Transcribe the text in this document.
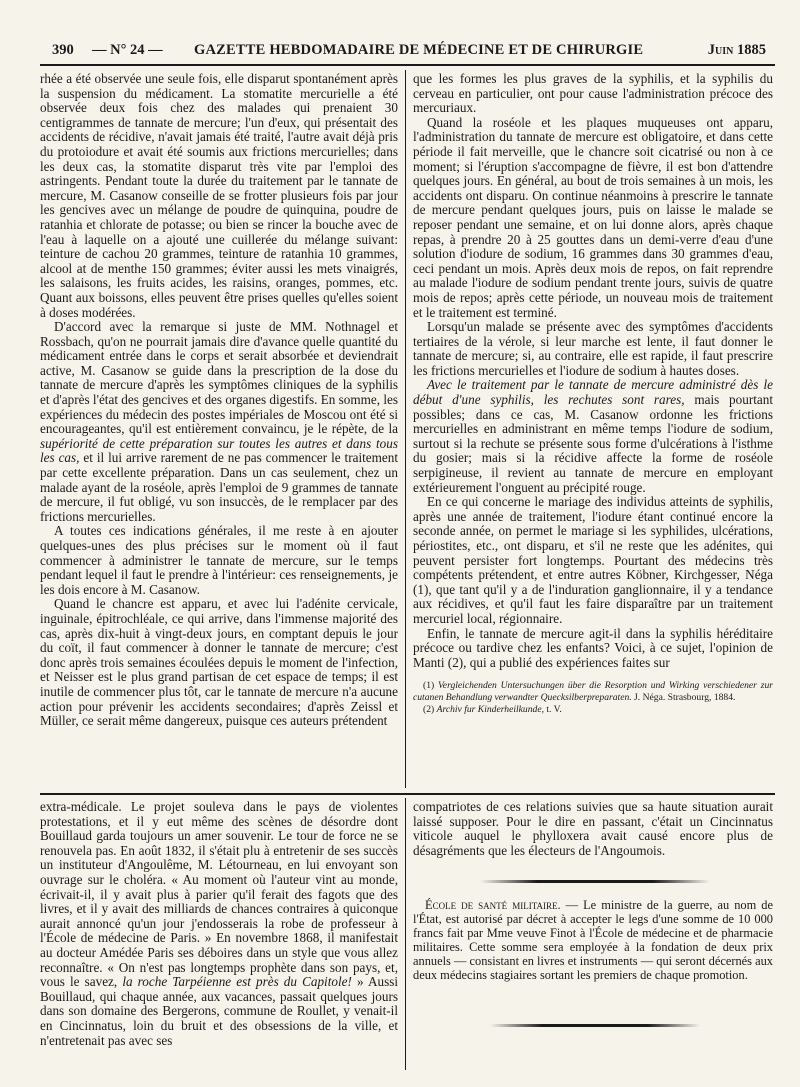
390 — N° 24 — GAZETTE HEBDOMADAIRE DE MÉDECINE ET DE CHIRURGIE	Juin 1885

rhée a été observée une seule fois, elle disparut spontanément après la suspension du médicament. La stomatite mercurielle a été observée deux fois chez des malades qui prenaient 30 centigrammes de tannate de mercure; l'un d'eux, qui présentait des accidents de récidive, n'avait jamais été traité, l'autre avait déjà pris du protoiodure et avait été soumis aux frictions mercurielles; dans les deux cas, la stomatite disparut très vite par l'emploi des astringents. Pendant toute la durée du traitement par le tannate de mercure, M. Casanow conseille de se frotter plusieurs fois par jour les gencives avec un mélange de poudre de quinquina, poudre de ratanhia et chlorate de potasse; ou bien se rincer la bouche avec de l'eau à laquelle on a ajouté une cuillerée du mélange suivant: teinture de cachou 20 grammes, teinture de ratanhia 10 grammes, alcool at de menthe 150 grammes; éviter aussi les mets vinaigrés, les salaisons, les fruits acides, les raisins, oranges, pommes, etc. Quant aux boissons, elles peuvent être prises quelles qu'elles soient à doses modérées.

D'accord avec la remarque si juste de MM. Nothnagel et Rossbach, qu'on ne pourrait jamais dire d'avance quelle quantité du médicament entrée dans le corps et serait absorbée et deviendrait active, M. Casanow se guide dans la prescription de la dose du tannate de mercure d'après les symptômes cliniques de la syphilis et d'après l'état des gencives et des organes digestifs. En somme, les expériences du médecin des postes impériales de Moscou ont été si encourageantes, qu'il est entièrement convaincu, je le répète, de la supériorité de cette préparation sur toutes les autres et dans tous les cas, et il lui arrive rarement de ne pas commencer le traitement par cette excellente préparation. Dans un cas seulement, chez un malade ayant de la roséole, après l'emploi de 9 grammes de tannate de mercure, il fut obligé, vu son insuccès, de le remplacer par des frictions mercurielles.

A toutes ces indications générales, il me reste à en ajouter quelques-unes des plus précises sur le moment où il faut commencer à administrer le tannate de mercure, sur le temps pendant lequel il faut le prendre à l'intérieur: ces renseignements, je les dois encore à M. Casanow.

Quand le chancre est apparu, et avec lui l'adénite cervicale, inguinale, épitrochléale, ce qui arrive, dans l'immense majorité des cas, après dix-huit à vingt-deux jours, en comptant depuis le jour du coït, il faut commencer à donner le tannate de mercure; c'est donc après trois semaines écoulées depuis le moment de l'infection, et Neisser est le plus grand partisan de cet espace de temps; il est inutile de commencer plus tôt, car le tannate de mercure n'a aucune action pour prévenir les accidents secondaires; d'après Zeissl et Müller, ce serait même dangereux, puisque ces auteurs prétendent

que les formes les plus graves de la syphilis, et la syphilis du cerveau en particulier, ont pour cause l'administration précoce des mercuriaux.

Quand la roséole et les plaques muqueuses ont apparu, l'administration du tannate de mercure est obligatoire, et dans cette période il fait merveille, que le chancre soit cicatrisé ou non à ce moment; si l'éruption s'accompagne de fièvre, il est bon d'attendre quelques jours. En général, au bout de trois semaines à un mois, les accidents ont disparu. On continue néanmoins à prescrire le tannate de mercure pendant quelques jours, puis on laisse le malade se reposer pendant une semaine, et on lui donne alors, après chaque repas, à prendre 20 à 25 gouttes dans un demi-verre d'eau d'une solution d'iodure de sodium, 16 grammes dans 30 grammes d'eau, ceci pendant un mois. Après deux mois de repos, on fait reprendre au malade l'iodure de sodium pendant trente jours, suivis de quatre mois de repos; après cette période, un nouveau mois de traitement et le traitement est terminé.

Lorsqu'un malade se présente avec des symptômes d'accidents tertiaires de la vérole, si leur marche est lente, il faut donner le tannate de mercure; si, au contraire, elle est rapide, il faut prescrire les frictions mercurielles et l'iodure de sodium à hautes doses.

Avec le traitement par le tannate de mercure administré dès le début d'une syphilis, les rechutes sont rares, mais pourtant possibles; dans ce cas, M. Casanow ordonne les frictions mercurielles en administrant en même temps l'iodure de sodium, surtout si la rechute se présente sous forme d'ulcérations à l'isthme du gosier; mais si la récidive affecte la forme de roséole serpigineuse, il revient au tannate de mercure en employant extérieurement l'onguent au précipité rouge.

En ce qui concerne le mariage des individus atteints de syphilis, après une année de traitement, l'iodure étant continué encore la seconde année, on permet le mariage si les syphilides, ulcérations, périostites, etc., ont disparu, et s'il ne reste que les adénites, qui peuvent persister fort longtemps. Pourtant des médecins très compétents prétendent, et entre autres Köbner, Kirchgesser, Néga (1), que tant qu'il y a de l'induration ganglionnaire, il y a tendance aux récidives, et qu'il faut les faire disparaître par un traitement mercuriel local, régionnaire.

Enfin, le tannate de mercure agit-il dans la syphilis héréditaire précoce ou tardive chez les enfants? Voici, à ce sujet, l'opinion de Manti (2), qui a publié des expériences faites sur

(1) Vergleichenden Untersuchungen über die Resorption und Wirking verschiedener zur cutanen Behandlung verwandter Quecksilberpreparaten. J. Néga. Strasbourg, 1884.

(2) Archiv fur Kinderheilkunde, t. V.

extra-médicale. Le projet souleva dans le pays de violentes protestations, et il y eut même des scènes de désordre dont Bouillaud garda toujours un amer souvenir. Le tour de force ne se renouvela pas. En août 1832, il s'était plu à entretenir de ses succès un instituteur d'Angoulême, M. Létourneau, en lui envoyant son ouvrage sur le choléra. « Au moment où l'auteur vint au monde, écrivait-il, il y avait plus à parier qu'il ferait des fagots que des livres, et il y avait des milliards de chances contraires à quiconque aurait annoncé qu'un jour j'endosserais la robe de professeur à l'École de médecine de Paris. » En novembre 1868, il manifestait au docteur Amédée Paris ses déboires dans un style que vous allez reconnaître. « On n'est pas longtemps prophète dans son pays, et, vous le savez, la roche Tarpéienne est près du Capitole! » Aussi Bouillaud, qui chaque année, aux vacances, passait quelques jours dans son domaine des Bergerons, commune de Roullet, y venait-il en Cincinnatus, loin du bruit et des obsessions de la ville, et n'entretenait pas avec ses

compatriotes de ces relations suivies que sa haute situation aurait laissé supposer. Pour le dire en passant, c'était un Cincinnatus viticole auquel le phylloxera avait causé encore plus de désagréments que les électeurs de l'Angoumois.

École de santé militaire. — Le ministre de la guerre, au nom de l'État, est autorisé par décret à accepter le legs d'une somme de 10 000 francs fait par Mme veuve Finot à l'École de médecine et de pharmacie militaires. Cette somme sera employée à la fondation de deux prix annuels — consistant en livres et instruments — qui seront décernés aux deux médecins stagiaires sortant les premiers de chaque promotion.
